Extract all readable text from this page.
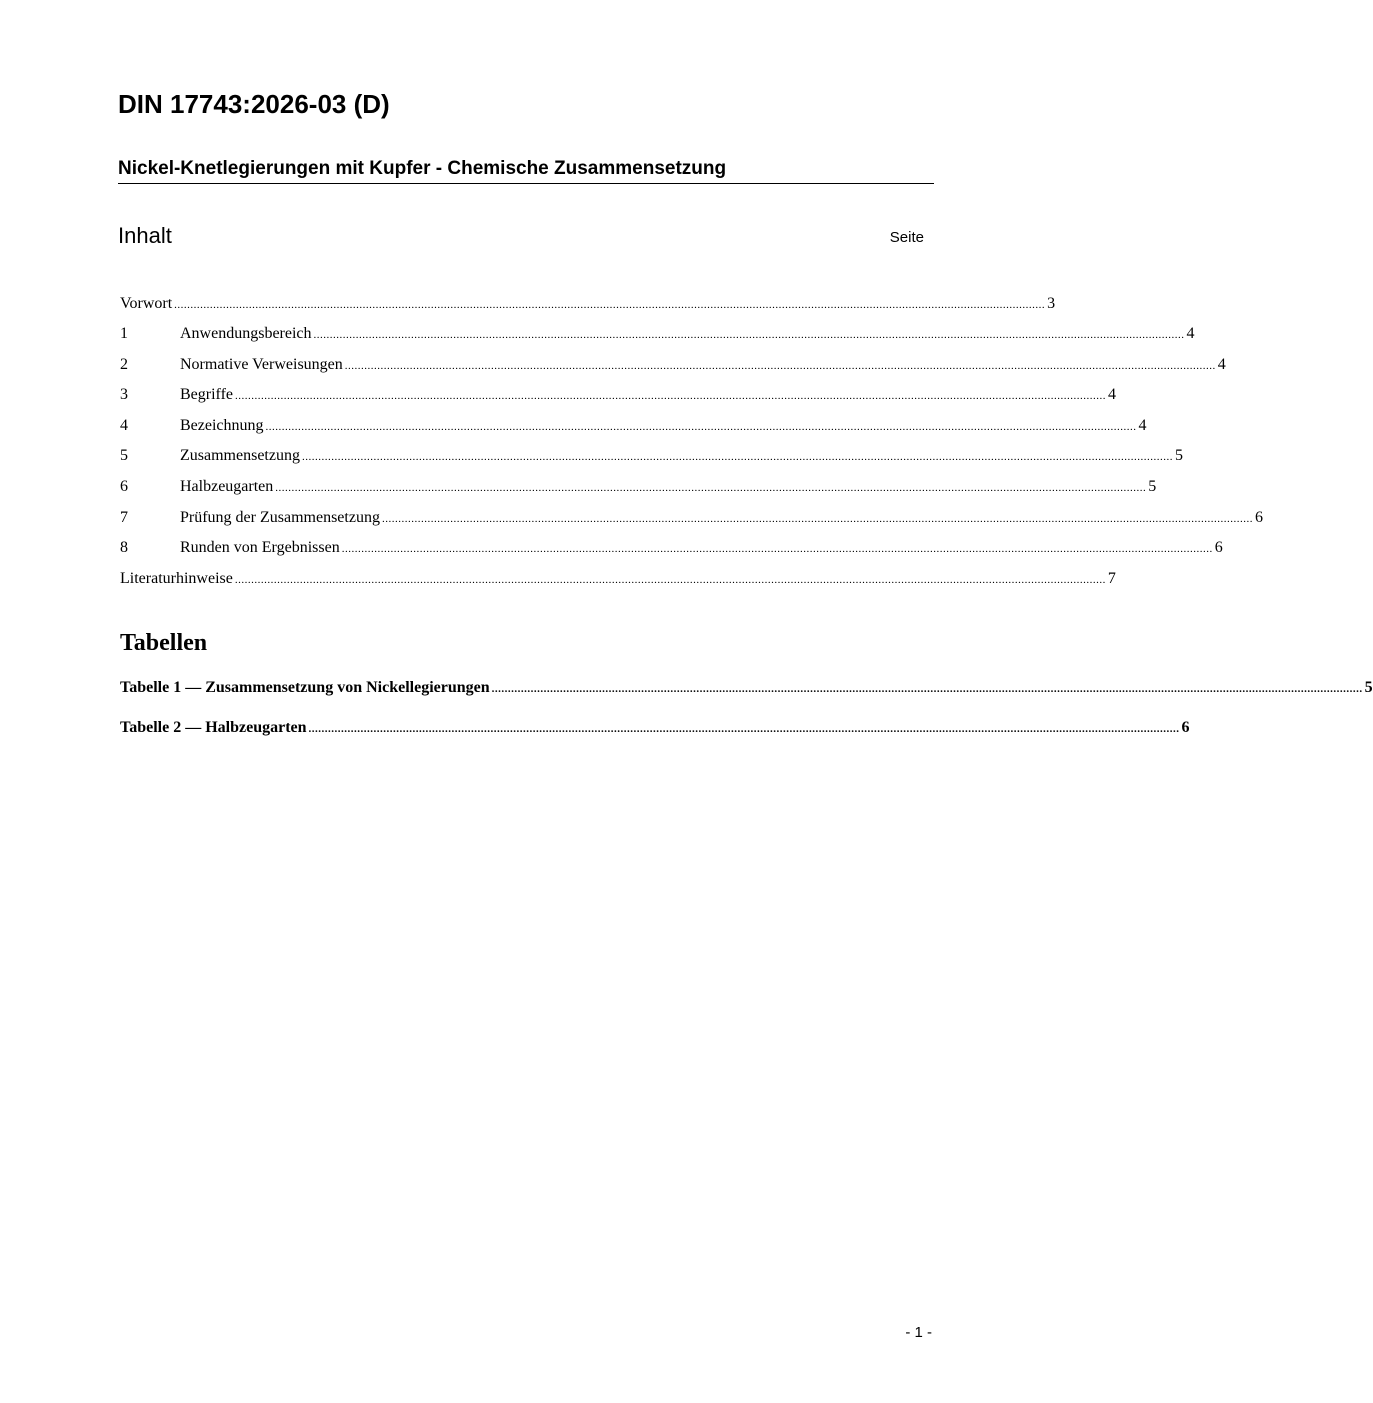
DIN 17743:2026-03 (D)
Nickel-Knetlegierungen mit Kupfer - Chemische Zusammensetzung
Inhalt	Seite
Vorwort ............................................................................................................................................................................................................................................................................ 3
1	Anwendungsbereich ............................................................................................................................................................................................................................................................................ 4
2	Normative Verweisungen ............................................................................................................................................................................................................................................................................ 4
3	Begriffe ............................................................................................................................................................................................................................................................................ 4
4	Bezeichnung ............................................................................................................................................................................................................................................................................ 4
5	Zusammensetzung ............................................................................................................................................................................................................................................................................ 5
6	Halbzeugarten ............................................................................................................................................................................................................................................................................ 5
7	Prüfung der Zusammensetzung ............................................................................................................................................................................................................................................................................ 6
8	Runden von Ergebnissen ............................................................................................................................................................................................................................................................................ 6
Literaturhinweise ............................................................................................................................................................................................................................................................................ 7
Tabellen
Tabelle 1 — Zusammensetzung von Nickellegierungen ............................................................................................................................................................................................................................................................................ 5
Tabelle 2 — Halbzeugarten ............................................................................................................................................................................................................................................................................ 6
- 1 -
